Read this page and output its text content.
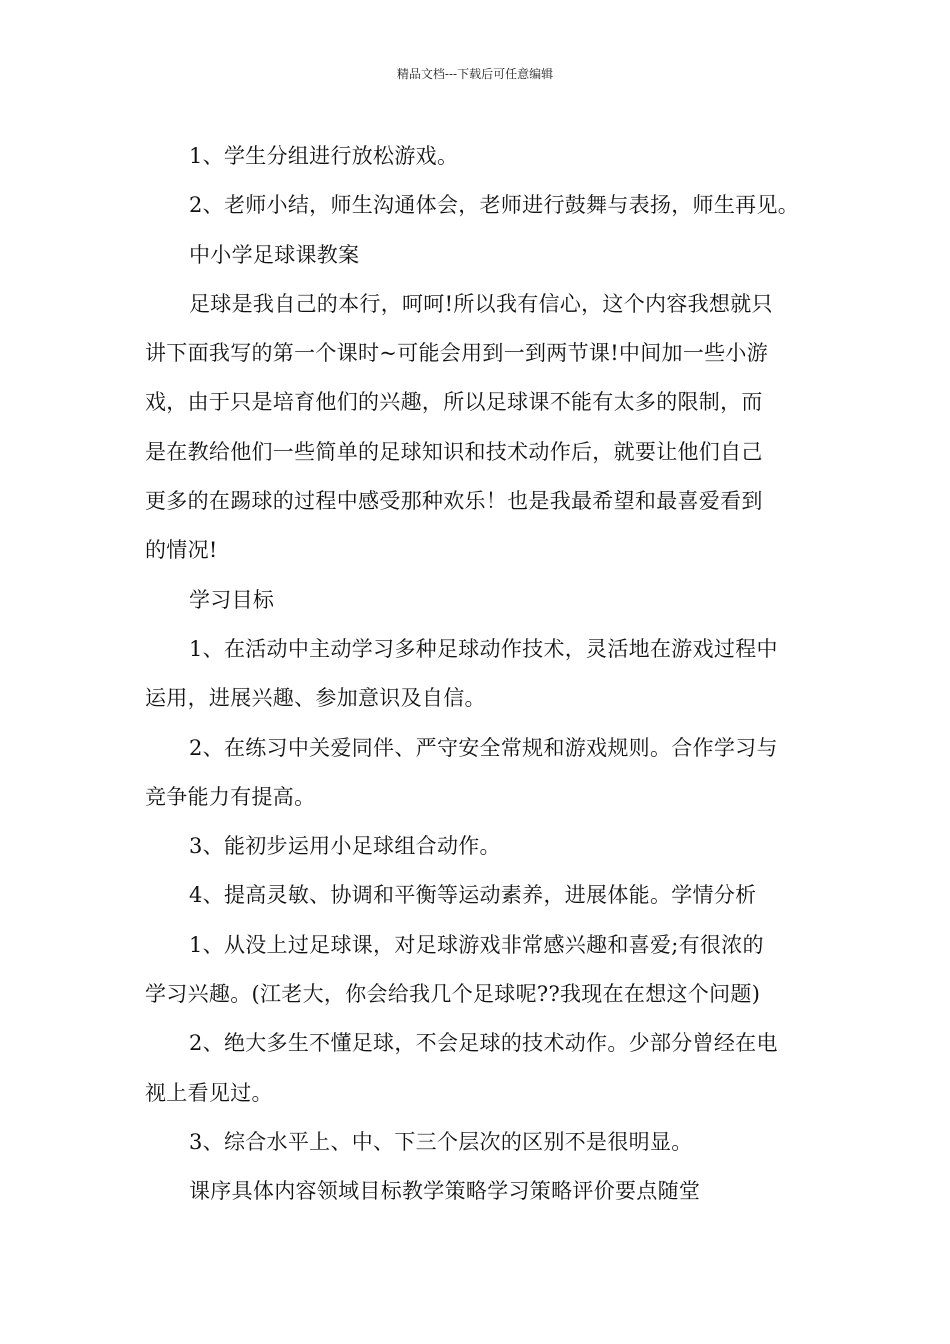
精品文档---下载后可任意编辑
1、学生分组进行放松游戏。
2、老师小结，师生沟通体会，老师进行鼓舞与表扬，师生再见。
中小学足球课教案
足球是我自己的本行，呵呵!所以我有信心，这个内容我想就只
讲下面我写的第一个课时~可能会用到一到两节课!中间加一些小游
戏，由于只是培育他们的兴趣，所以足球课不能有太多的限制，而
是在教给他们一些简单的足球知识和技术动作后，就要让他们自己
更多的在踢球的过程中感受那种欢乐！也是我最希望和最喜爱看到
的情况!
学习目标
1、在活动中主动学习多种足球动作技术，灵活地在游戏过程中
运用，进展兴趣、参加意识及自信。
2、在练习中关爱同伴、严守安全常规和游戏规则。合作学习与
竞争能力有提高。
3、能初步运用小足球组合动作。
4、提高灵敏、协调和平衡等运动素养，进展体能。学情分析
1、从没上过足球课，对足球游戏非常感兴趣和喜爱;有很浓的
学习兴趣。(江老大，你会给我几个足球呢??我现在在想这个问题)
2、绝大多生不懂足球，不会足球的技术动作。少部分曾经在电
视上看见过。
3、综合水平上、中、下三个层次的区别不是很明显。
课序具体内容领域目标教学策略学习策略评价要点随堂
